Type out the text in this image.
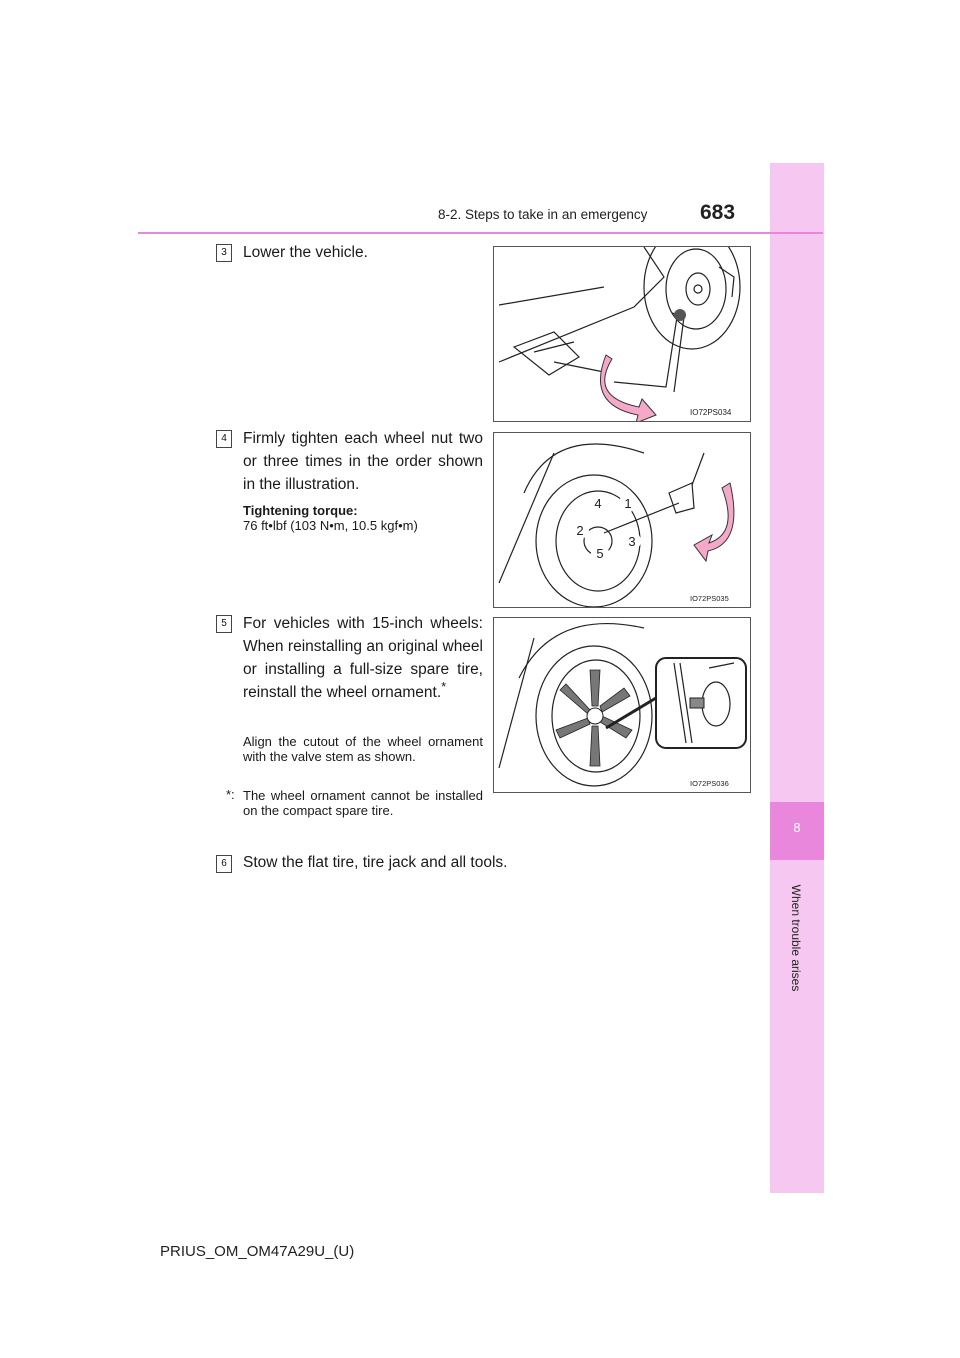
8
When trouble arises
8-2. Steps to take in an emergency	683
3	Lower the vehicle.
IO72PS034
4	Firmly tighten each wheel nut two or three times in the order shown in the illustration.
Tightening torque:
76 ft•lbf (103 N•m, 10.5 kgf•m)
4 1
2
3
5
IO72PS035
5	For vehicles with 15-inch wheels: When reinstalling an original wheel or installing a full-size spare tire, reinstall the wheel ornament.*
Align the cutout of the wheel ornament with the valve stem as shown.
*: The wheel ornament cannot be installed on the compact spare tire.
IO72PS036
6	Stow the flat tire, tire jack and all tools.
PRIUS_OM_OM47A29U_(U)
